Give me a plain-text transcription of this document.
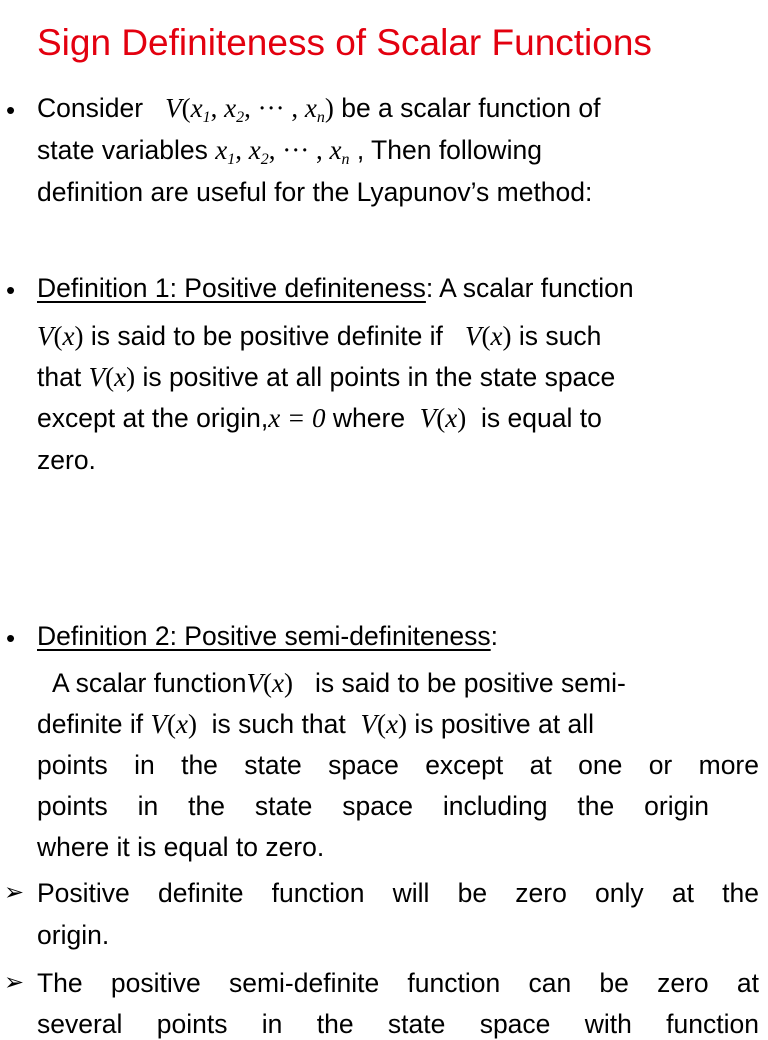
Sign Definiteness of Scalar Functions
• Consider $V(x_1$, $x_2$, ··· , $x_n$) be a scalar function of
state variables $x_1$, $x_2$, ··· , $x_n$ , Then following
definition are useful for the Lyapunov’s method:
• Definition 1: Positive definiteness: A scalar function
V(x) is said to be positive definite if V(x) is such
that V(x) is positive at all points in the state space
except at the origin,x = 0 where V(x) is equal to
zero.
• Definition 2: Positive semi-definiteness:
A scalar functionV(x) is said to be positive semi-
definite if V(x) is such that V(x) is positive at all
points in the state space except at one or more
points in the state space including the origin
where it is equal to zero.
➢ Positive definite function will be zero only at the
origin.
➢ The positive semi-definite function can be zero at
several points in the state space with function
